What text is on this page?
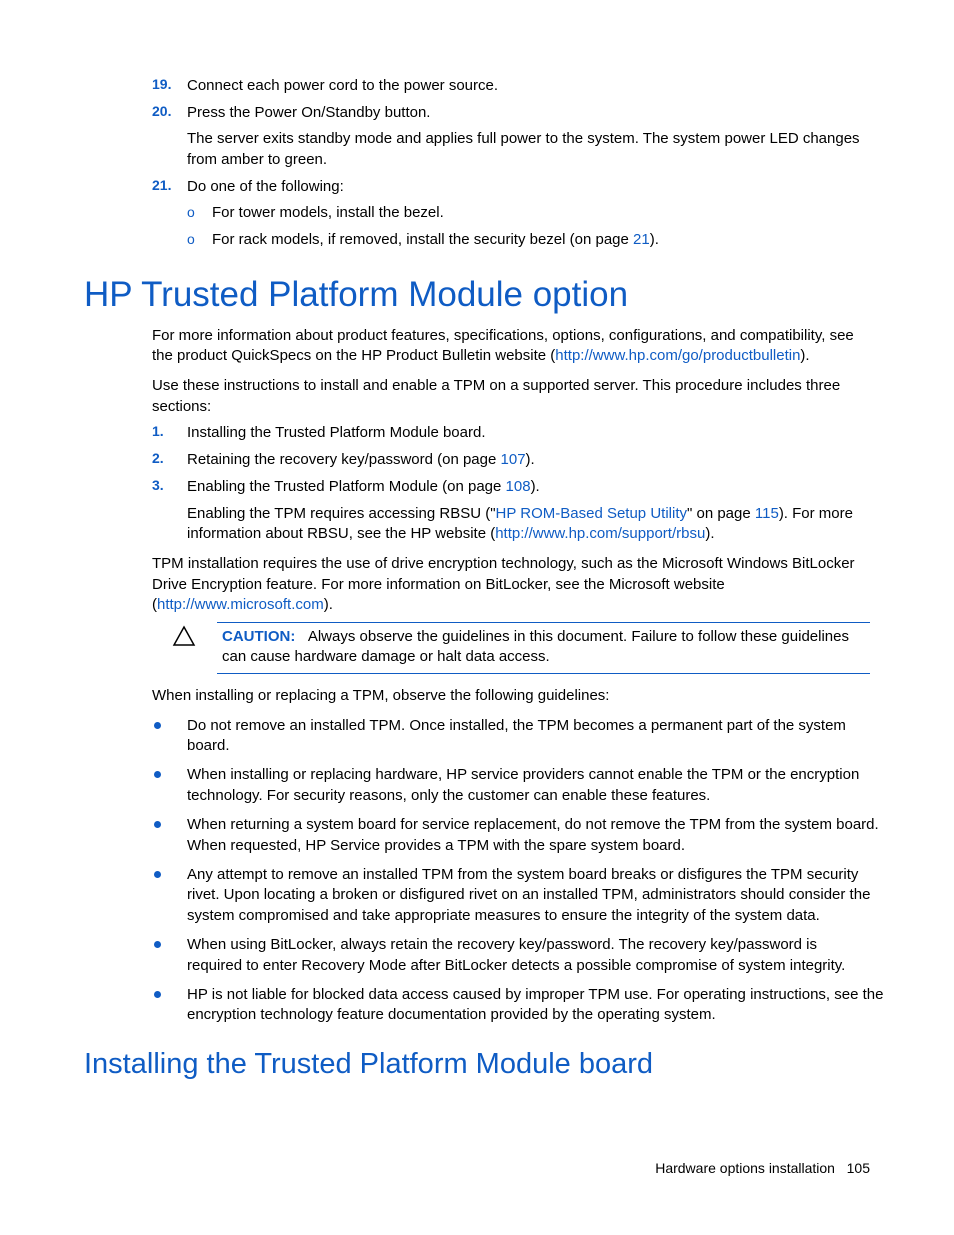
19. Connect each power cord to the power source.
20. Press the Power On/Standby button.
The server exits standby mode and applies full power to the system. The system power LED changes
from amber to green.
21. Do one of the following:
o For tower models, install the bezel.
o For rack models, if removed, install the security bezel (on page 21).
HP Trusted Platform Module option
For more information about product features, specifications, options, configurations, and compatibility, see
the product QuickSpecs on the HP Product Bulletin website (http://www.hp.com/go/productbulletin).
Use these instructions to install and enable a TPM on a supported server. This procedure includes three
sections:
1. Installing the Trusted Platform Module board.
2. Retaining the recovery key/password (on page 107).
3. Enabling the Trusted Platform Module (on page 108).
Enabling the TPM requires accessing RBSU ("HP ROM-Based Setup Utility" on page 115). For more
information about RBSU, see the HP website (http://www.hp.com/support/rbsu).
TPM installation requires the use of drive encryption technology, such as the Microsoft Windows BitLocker
Drive Encryption feature. For more information on BitLocker, see the Microsoft website
(http://www.microsoft.com).
CAUTION: Always observe the guidelines in this document. Failure to follow these guidelines
can cause hardware damage or halt data access.
When installing or replacing a TPM, observe the following guidelines:
Do not remove an installed TPM. Once installed, the TPM becomes a permanent part of the system
board.
When installing or replacing hardware, HP service providers cannot enable the TPM or the encryption
technology. For security reasons, only the customer can enable these features.
When returning a system board for service replacement, do not remove the TPM from the system board.
When requested, HP Service provides a TPM with the spare system board.
Any attempt to remove an installed TPM from the system board breaks or disfigures the TPM security
rivet. Upon locating a broken or disfigured rivet on an installed TPM, administrators should consider the
system compromised and take appropriate measures to ensure the integrity of the system data.
When using BitLocker, always retain the recovery key/password. The recovery key/password is
required to enter Recovery Mode after BitLocker detects a possible compromise of system integrity.
HP is not liable for blocked data access caused by improper TPM use. For operating instructions, see the
encryption technology feature documentation provided by the operating system.
Installing the Trusted Platform Module board
Hardware options installation 105
